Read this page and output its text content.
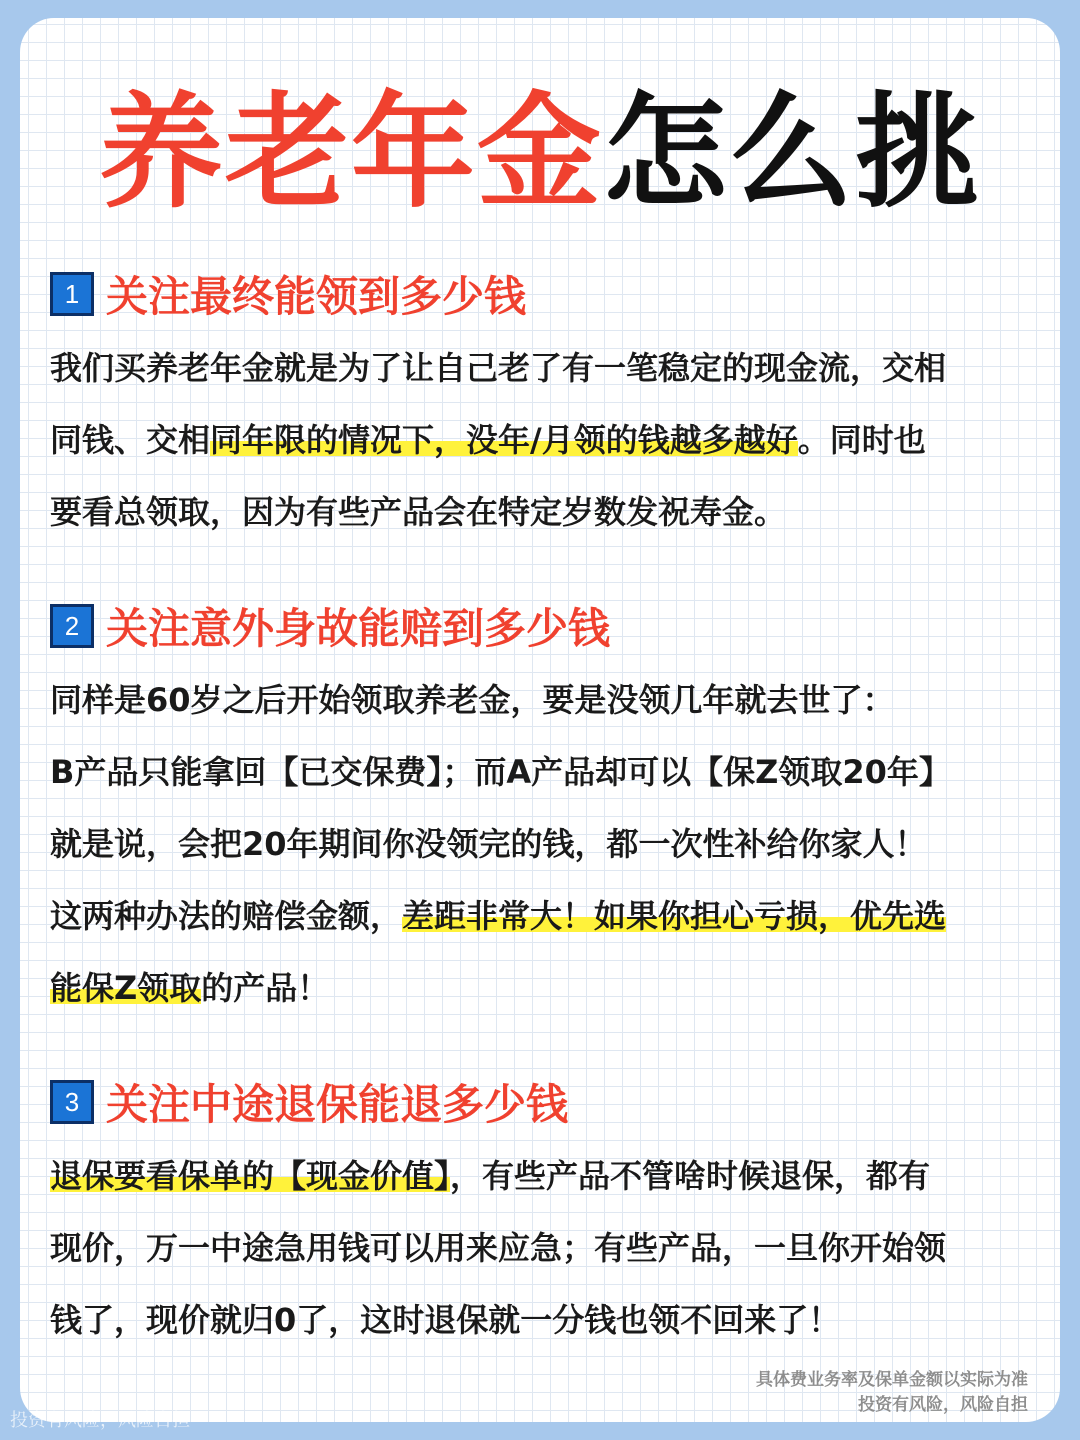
养老年金怎么挑
1 关注最终能领到多少钱
我们买养老年金就是为了让自己老了有一笔稳定的现金流，交相
同钱、交相同年限的情况下，没年/月领的钱越多越好。同时也
要看总领取，因为有些产品会在特定岁数发祝寿金。
2 关注意外身故能赔到多少钱
同样是60岁之后开始领取养老金，要是没领几年就去世了：
B产品只能拿回【已交保费】；而A产品却可以【保Z领取20年】
就是说，会把20年期间你没领完的钱，都一次性补给你家人！
这两种办法的赔偿金额，差距非常大！如果你担心亏损，优先选
能保Z领取的产品！
3 关注中途退保能退多少钱
退保要看保单的【现金价值】，有些产品不管啥时候退保，都有
现价，万一中途急用钱可以用来应急；有些产品，一旦你开始领
钱了，现价就归0了，这时退保就一分钱也领不回来了！
具体费业务率及保单金额以实际为准
投资有风险，风险自担
投资有风险，风险自担
